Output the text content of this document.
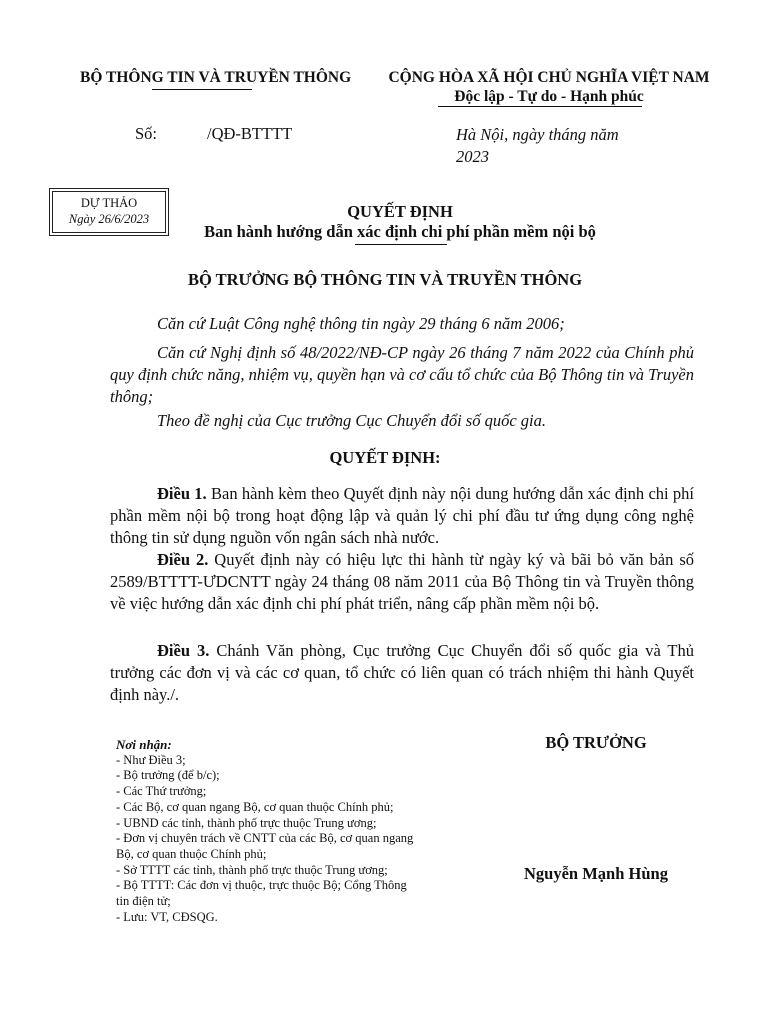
BỘ THÔNG TIN VÀ TRUYỀN THÔNG CỘNG HÒA XÃ HỘI CHỦ NGHĨA VIỆT NAM
Độc lập - Tự do - Hạnh phúc
Số:	/QĐ-BTTTT	Hà Nội, ngày tháng năm
2023
DỰ THẢO
Ngày 26/6/2023	QUYẾT ĐỊNH
Ban hành hướng dẫn xác định chi phí phần mềm nội bộ
BỘ TRƯỞNG BỘ THÔNG TIN VÀ TRUYỀN THÔNG
Căn cứ Luật Công nghệ thông tin ngày 29 tháng 6 năm 2006;
Căn cứ Nghị định số 48/2022/NĐ-CP ngày 26 tháng 7 năm 2022 của Chính phủ quy định chức năng, nhiệm vụ, quyền hạn và cơ cấu tổ chức của Bộ Thông tin và Truyền thông;
Theo đề nghị của Cục trưởng Cục Chuyển đổi số quốc gia.
QUYẾT ĐỊNH:
Điều 1. Ban hành kèm theo Quyết định này nội dung hướng dẫn xác định chi phí phần mềm nội bộ trong hoạt động lập và quản lý chi phí đầu tư ứng dụng công nghệ thông tin sử dụng nguồn vốn ngân sách nhà nước.
Điều 2. Quyết định này có hiệu lực thi hành từ ngày ký và bãi bỏ văn bản số 2589/BTTTT-ƯDCNTT ngày 24 tháng 08 năm 2011 của Bộ Thông tin và Truyền thông về việc hướng dẫn xác định chi phí phát triển, nâng cấp phần mềm nội bộ.
Điều 3. Chánh Văn phòng, Cục trưởng Cục Chuyển đổi số quốc gia và Thủ trưởng các đơn vị và các cơ quan, tổ chức có liên quan có trách nhiệm thi hành Quyết định này./.
Nơi nhận:
- Như Điều 3;
- Bộ trưởng (để b/c);
- Các Thứ trưởng;
- Các Bộ, cơ quan ngang Bộ, cơ quan thuộc Chính phủ;
- UBND các tỉnh, thành phố trực thuộc Trung ương;
- Đơn vị chuyên trách về CNTT của các Bộ, cơ quan ngang Bộ, cơ quan thuộc Chính phủ;
- Sở TTTT các tỉnh, thành phố trực thuộc Trung ương;
- Bộ TTTT: Các đơn vị thuộc, trực thuộc Bộ; Cổng Thông tin điện tử;
- Lưu: VT, CĐSQG.
BỘ TRƯỞNG
Nguyễn Mạnh Hùng
